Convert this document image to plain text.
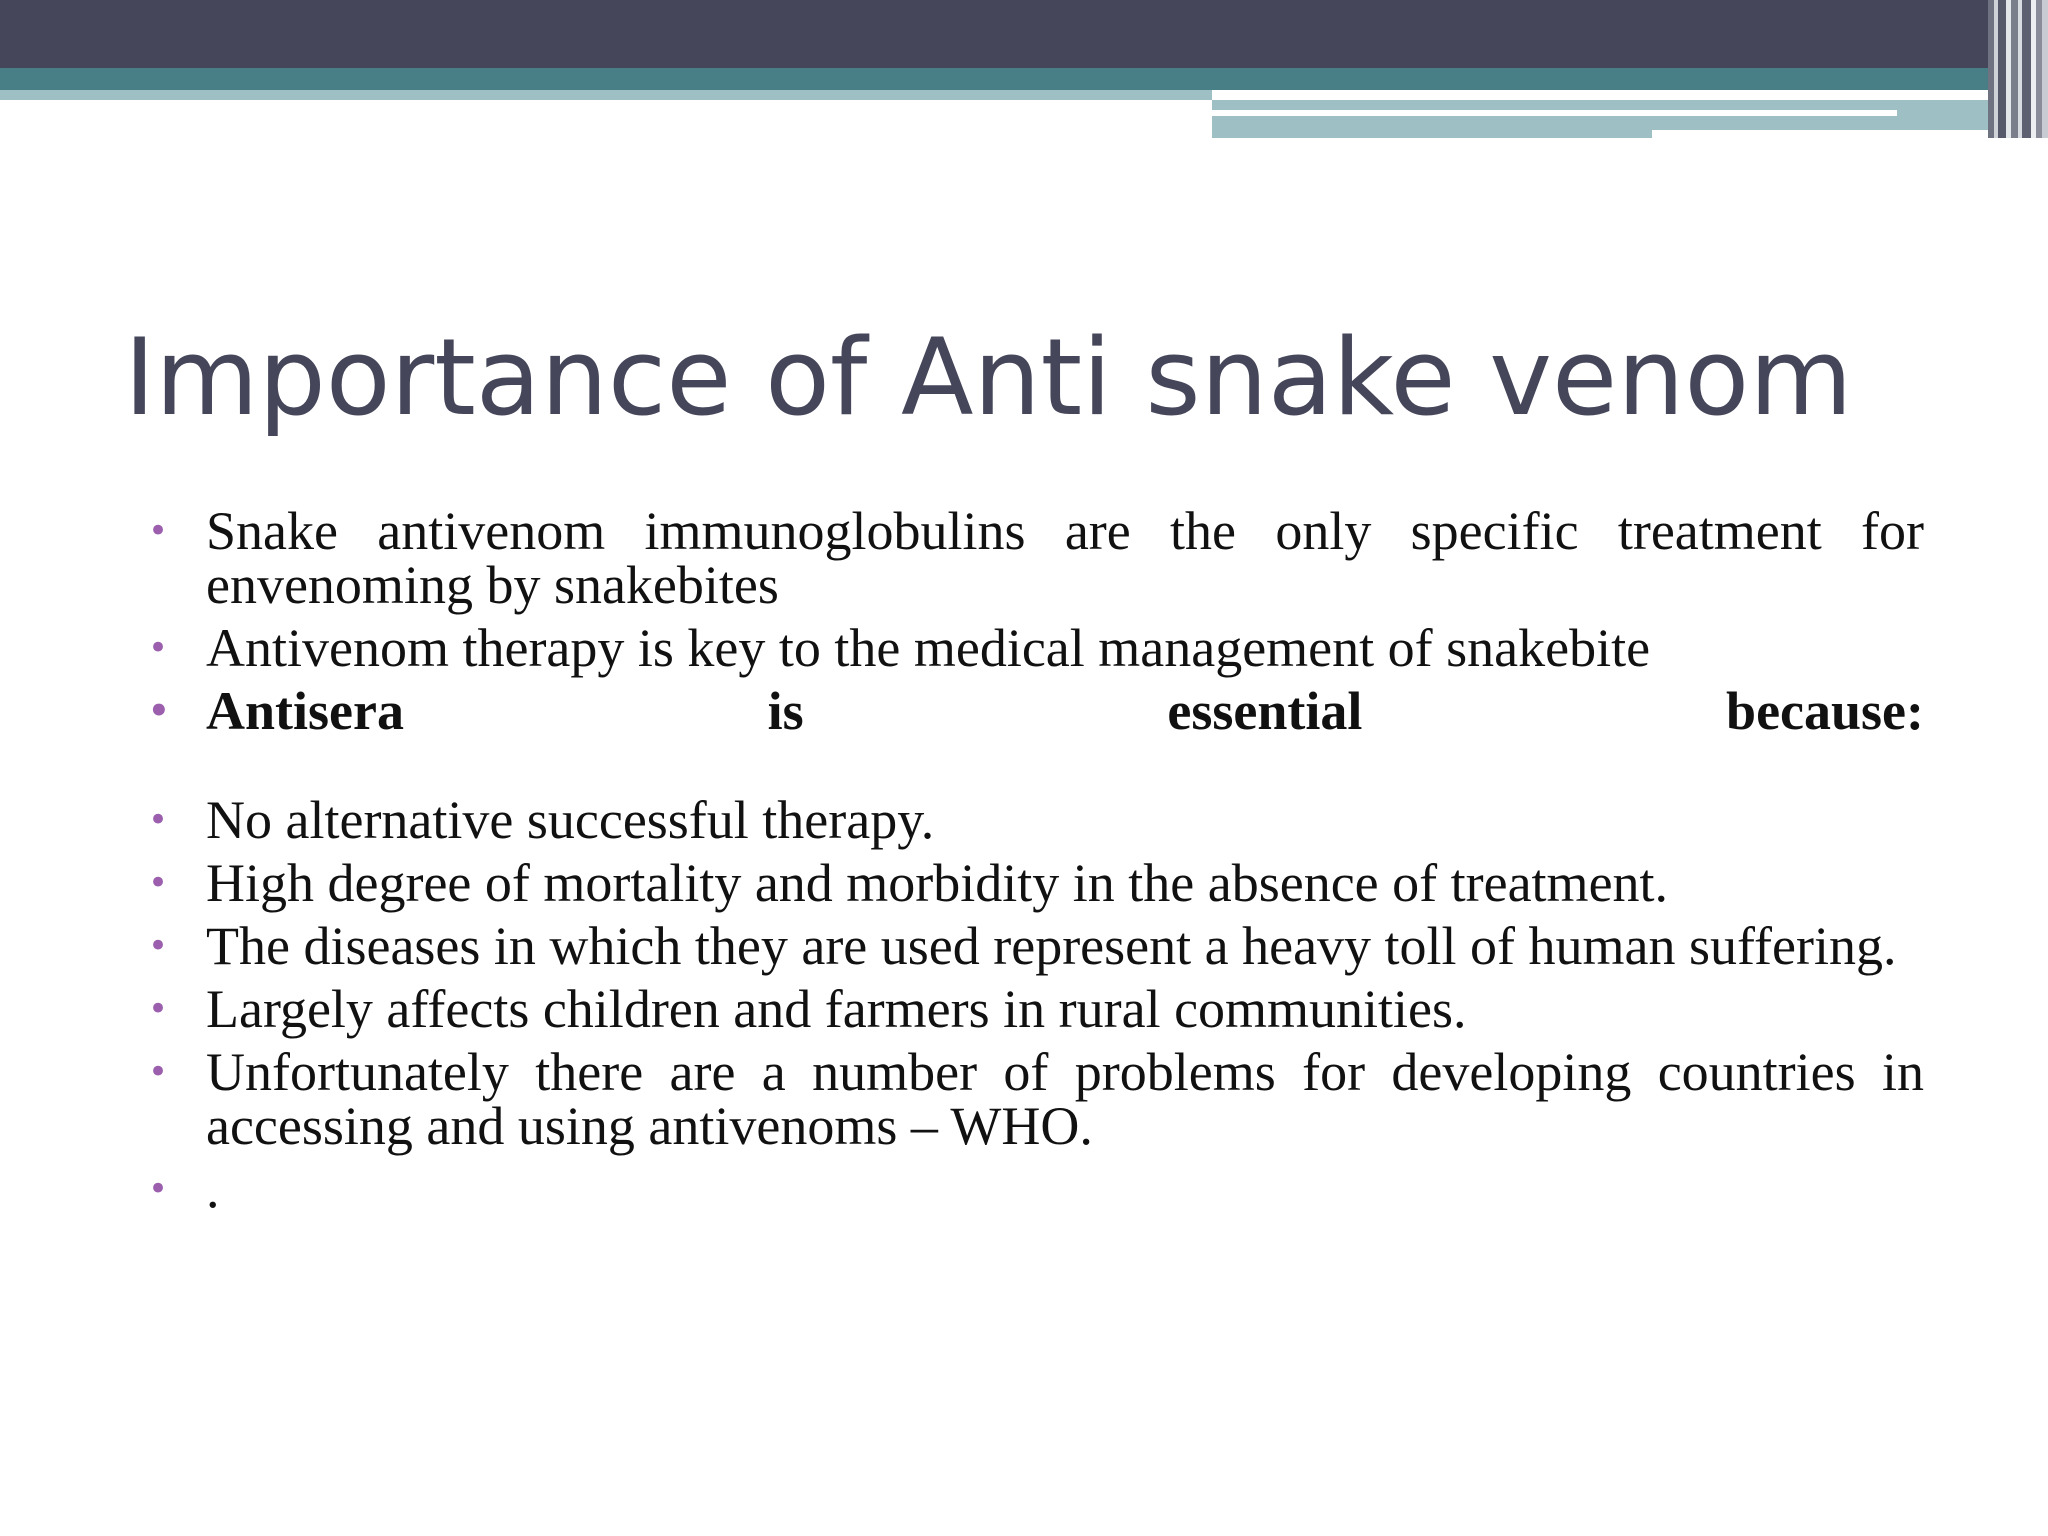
Importance of Anti snake venom
• Snake antivenom immunoglobulins are the only specific treatment for envenoming by snakebites
• Antivenom therapy is key to the medical management of snakebite
• Antisera is essential because:
• No alternative successful therapy.
• High degree of mortality and morbidity in the absence of treatment.
• The diseases in which they are used represent a heavy toll of human suffering.
• Largely affects children and farmers in rural communities.
• Unfortunately there are a number of problems for developing countries in accessing and using antivenoms – WHO.
• .
